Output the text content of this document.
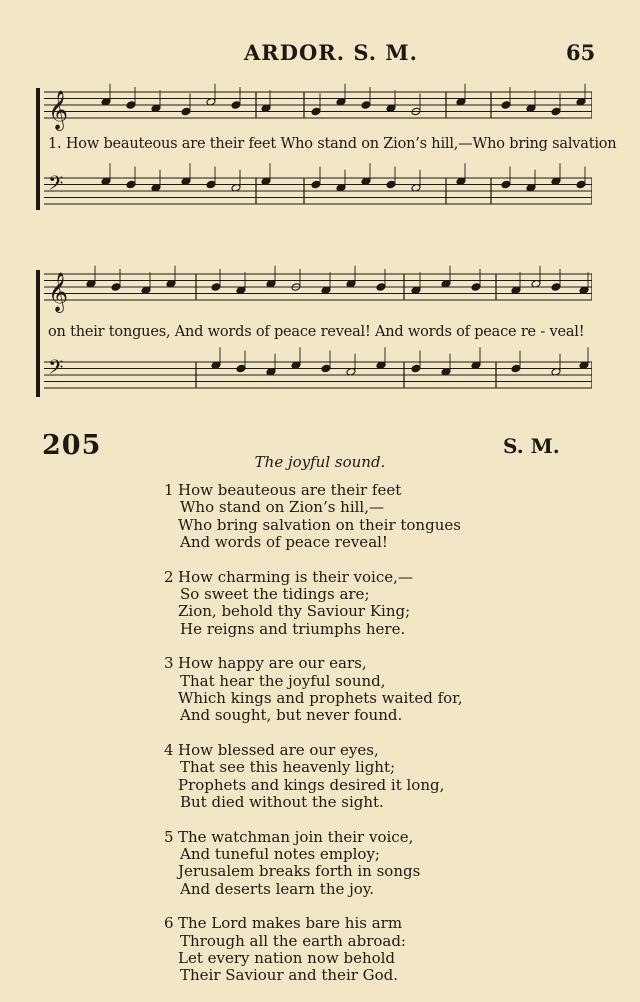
ARDOR. S. M.	65
𝄞
𝄢
1. How beauteous are their feet Who stand on Zion’s hill,—Who bring salvation
𝄞
𝄢
on their tongues, And words of peace reveal! And words of peace re - veal!
205	S. M.
The joyful sound.
1 How beauteous are their feet
Who stand on Zion’s hill,—
Who bring salvation on their tongues
And words of peace reveal!
2 How charming is their voice,—
So sweet the tidings are;
Zion, behold thy Saviour King;
He reigns and triumphs here.
3 How happy are our ears,
That hear the joyful sound,
Which kings and prophets waited for,
And sought, but never found.
4 How blessed are our eyes,
That see this heavenly light;
Prophets and kings desired it long,
But died without the sight.
5 The watchman join their voice,
And tuneful notes employ;
Jerusalem breaks forth in songs
And deserts learn the joy.
6 The Lord makes bare his arm
Through all the earth abroad:
Let every nation now behold
Their Saviour and their God.
